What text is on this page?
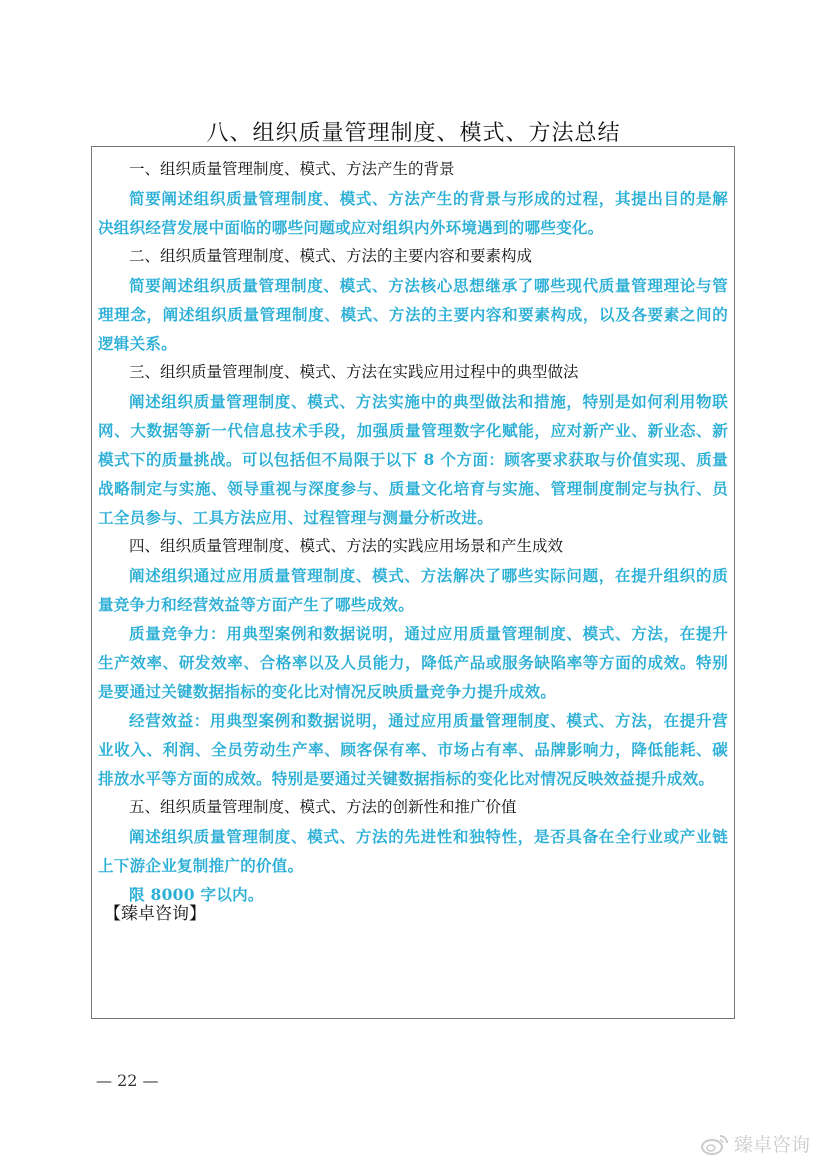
八、组织质量管理制度、模式、方法总结
一、组织质量管理制度、模式、方法产生的背景
简要阐述组织质量管理制度、模式、方法产生的背景与形成的过程，其提出目的是解决组织经营发展中面临的哪些问题或应对组织内外环境遇到的哪些变化。
二、组织质量管理制度、模式、方法的主要内容和要素构成
简要阐述组织质量管理制度、模式、方法核心思想继承了哪些现代质量管理理论与管理理念，阐述组织质量管理制度、模式、方法的主要内容和要素构成，以及各要素之间的逻辑关系。
三、组织质量管理制度、模式、方法在实践应用过程中的典型做法
阐述组织质量管理制度、模式、方法实施中的典型做法和措施，特别是如何利用物联网、大数据等新一代信息技术手段，加强质量管理数字化赋能，应对新产业、新业态、新模式下的质量挑战。可以包括但不局限于以下 8 个方面：顾客要求获取与价值实现、质量战略制定与实施、领导重视与深度参与、质量文化培育与实施、管理制度制定与执行、员工全员参与、工具方法应用、过程管理与测量分析改进。
四、组织质量管理制度、模式、方法的实践应用场景和产生成效
阐述组织通过应用质量管理制度、模式、方法解决了哪些实际问题，在提升组织的质量竞争力和经营效益等方面产生了哪些成效。
质量竞争力：用典型案例和数据说明，通过应用质量管理制度、模式、方法，在提升生产效率、研发效率、合格率以及人员能力，降低产品或服务缺陷率等方面的成效。特别是要通过关键数据指标的变化比对情况反映质量竞争力提升成效。
经营效益：用典型案例和数据说明，通过应用质量管理制度、模式、方法，在提升营业收入、利润、全员劳动生产率、顾客保有率、市场占有率、品牌影响力，降低能耗、碳排放水平等方面的成效。特别是要通过关键数据指标的变化比对情况反映效益提升成效。
五、组织质量管理制度、模式、方法的创新性和推广价值
阐述组织质量管理制度、模式、方法的先进性和独特性，是否具备在全行业或产业链上下游企业复制推广的价值。
限 8000 字以内。
【臻卓咨询】
— 22 —
臻卓咨询
